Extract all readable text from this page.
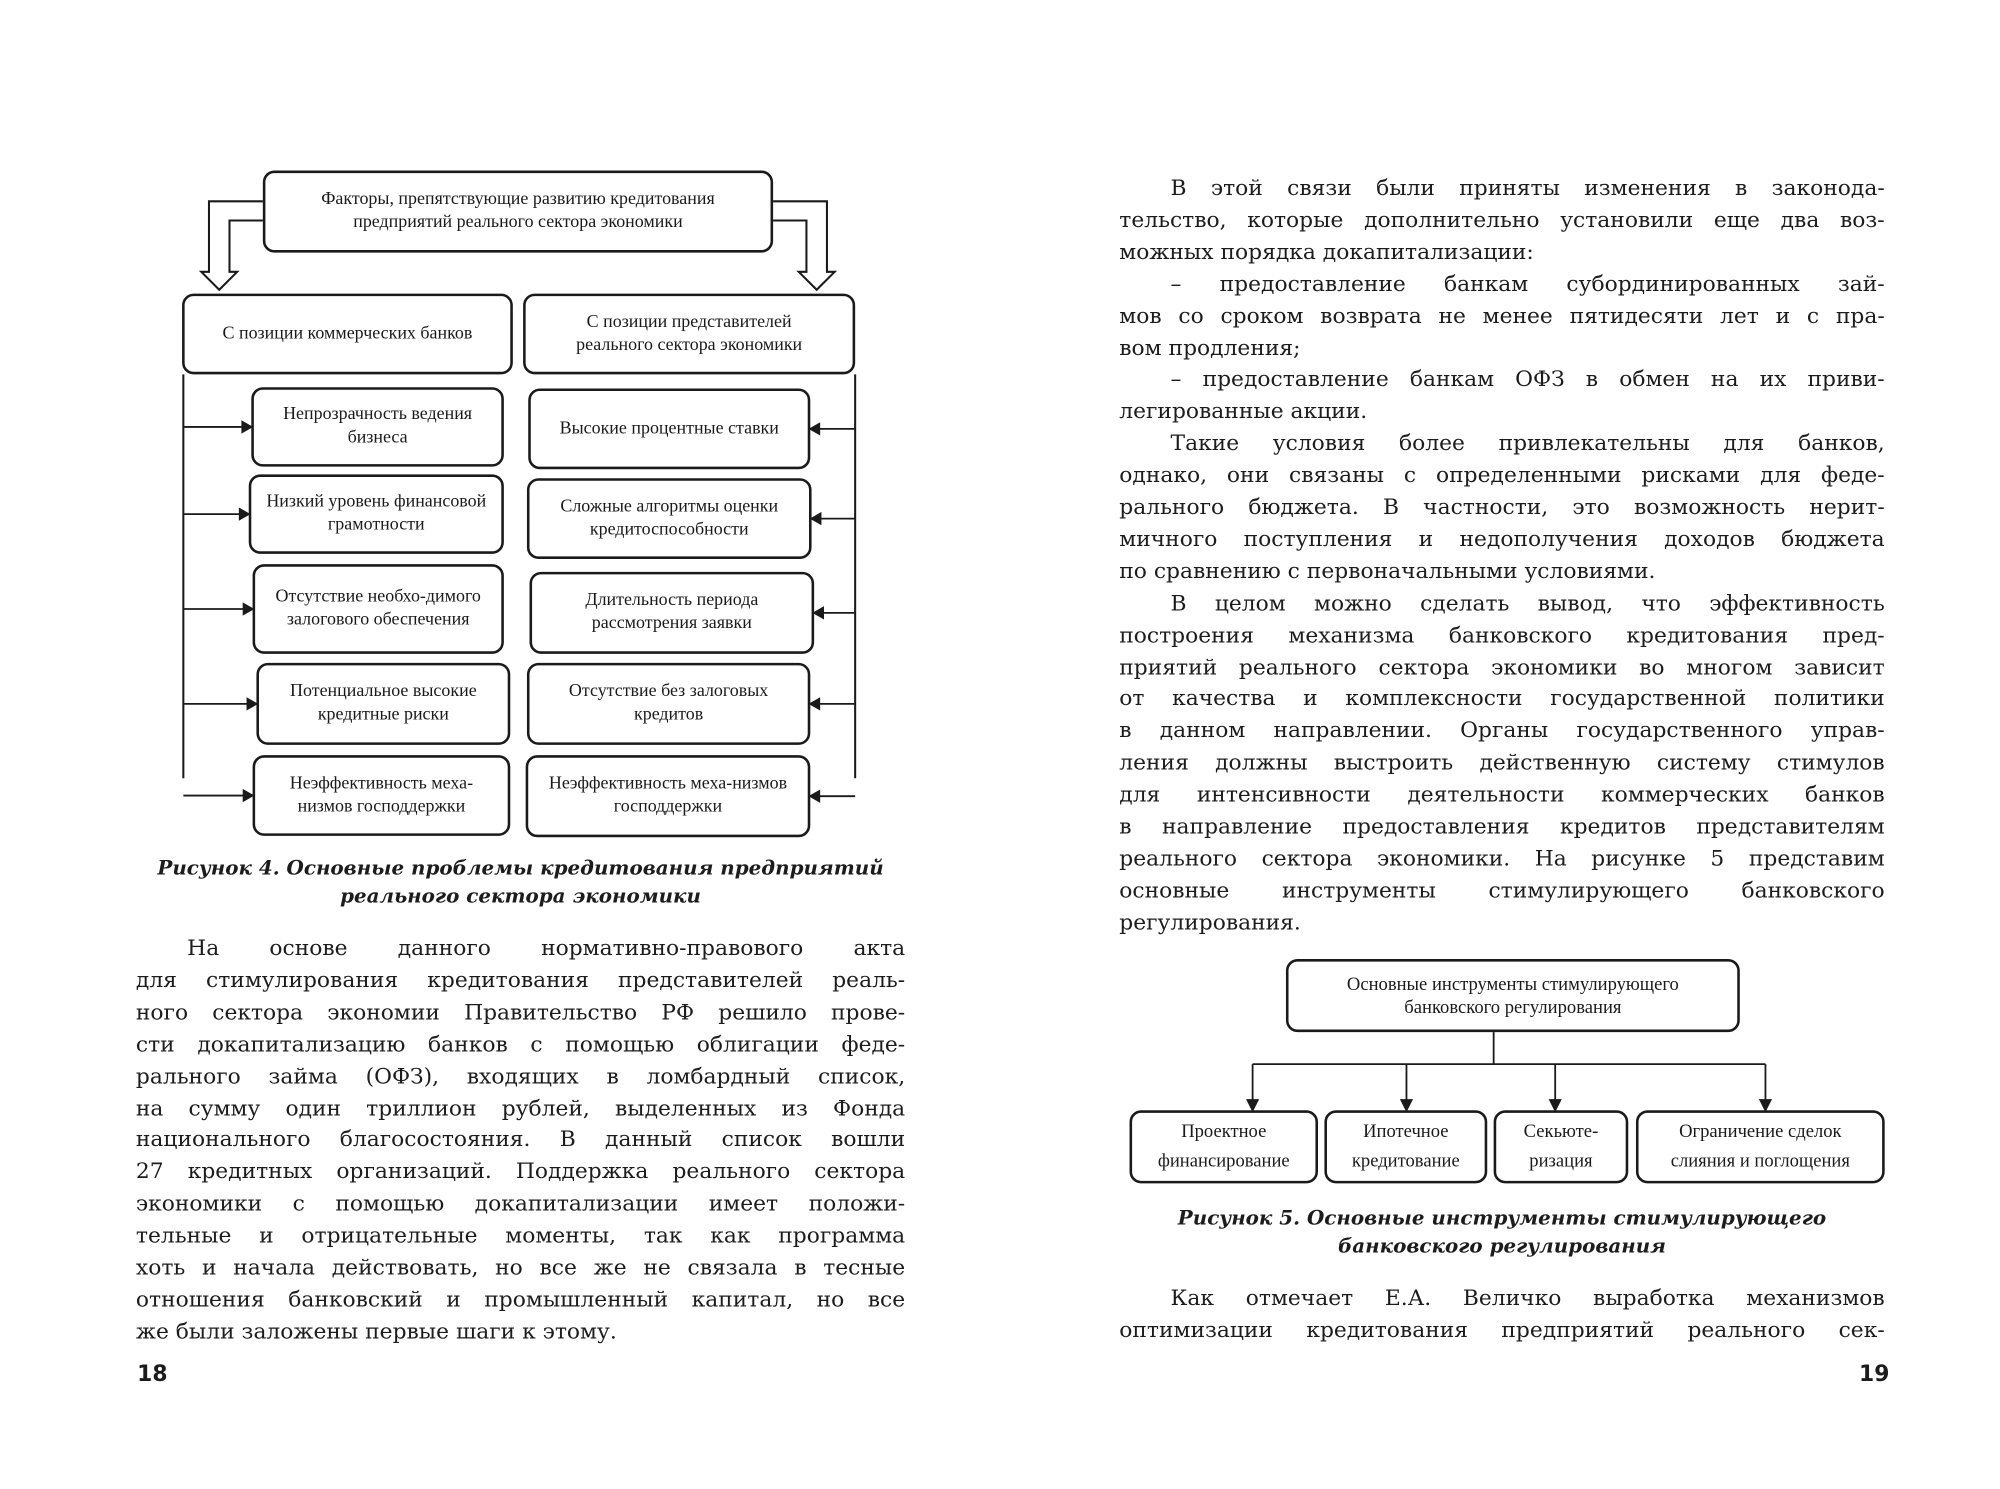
Факторы, препятствующие развитию кредитования предприятий реального сектора экономики
С позиции коммерческих банков
С позиции представителей реального сектора экономики
Непрозрачность ведения бизнеса
Низкий уровень финансовой грамотности
Отсутствие необхо-димого залогового обеспечения
Потенциальное высокие кредитные риски
Неэффективность меха-низмов господдержки
Высокие процентные ставки
Сложные алгоритмы оценки кредитоспособности
Длительность периода рассмотрения заявки
Отсутствие без залоговых кредитов
Неэффективность меха-низмов господдержки
Рисунок 4. Основные проблемы кредитования предприятий
реального сектора экономики
На основе данного нормативно-правового акта
для стимулирования кредитования представителей реаль-
ного сектора экономии Правительство РФ решило прове-
сти докапитализацию банков с помощью облигации феде-
рального займа (ОФЗ), входящих в ломбардный список,
на сумму один триллион рублей, выделенных из Фонда
национального благосостояния. В данный список вошли
27 кредитных организаций. Поддержка реального сектора
экономики с помощью докапитализации имеет положи-
тельные и отрицательные моменты, так как программа
хоть и начала действовать, но все же не связала в тесные
отношения банковский и промышленный капитал, но все
же были заложены первые шаги к этому.
18
В этой связи были приняты изменения в законода-
тельство, которые дополнительно установили еще два воз-
можных порядка докапитализации:
– предоставление банкам субординированных зай-
мов со сроком возврата не менее пятидесяти лет и с пра-
вом продления;
– предоставление банкам ОФЗ в обмен на их приви-
легированные акции.
Такие условия более привлекательны для банков,
однако, они связаны с определенными рисками для феде-
рального бюджета. В частности, это возможность нерит-
мичного поступления и недополучения доходов бюджета
по сравнению с первоначальными условиями.
В целом можно сделать вывод, что эффективность
построения механизма банковского кредитования пред-
приятий реального сектора экономики во многом зависит
от качества и комплексности государственной политики
в данном направлении. Органы государственного управ-
ления должны выстроить действенную систему стимулов
для интенсивности деятельности коммерческих банков
в направление предоставления кредитов представителям
реального сектора экономики. На рисунке 5 представим
основные инструменты стимулирующего банковского
регулирования.
Основные инструменты стимулирующего банковского регулирования
Проектное финансирование
Ипотечное кредитование
Секьюте-ризация
Ограничение сделок слияния и поглощения
Рисунок 5. Основные инструменты стимулирующего
банковского регулирования
Как отмечает Е.А. Величко выработка механизмов
оптимизации кредитования предприятий реального сек-
19
